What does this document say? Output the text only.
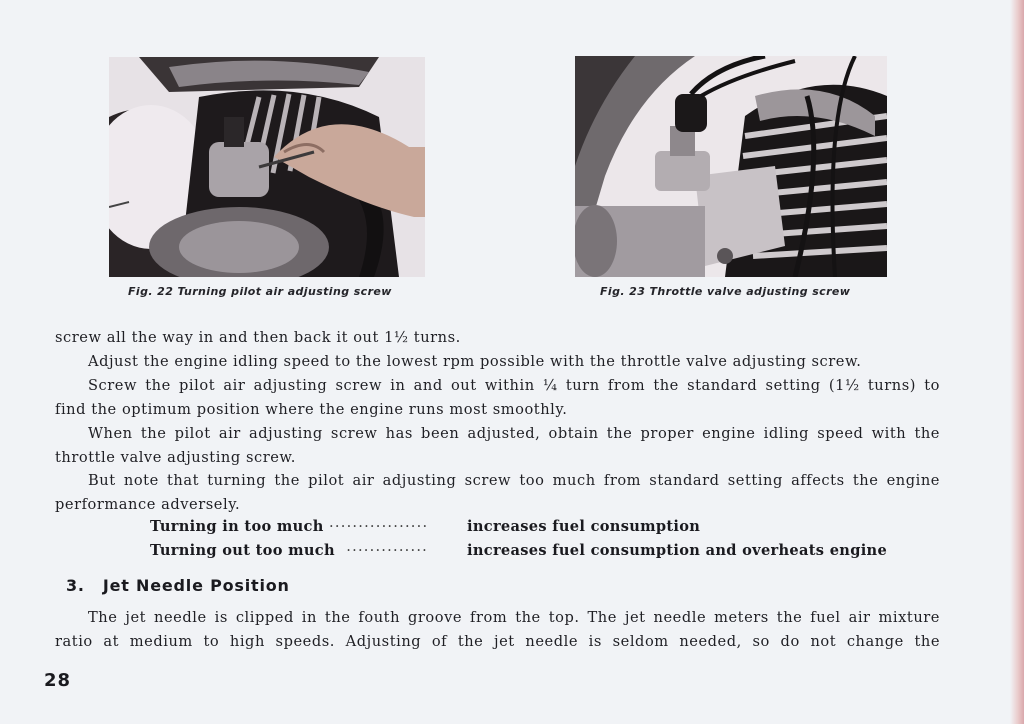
Fig. 22 Turning pilot air adjusting screw	Fig. 23 Throttle valve adjusting screw
screw all the way in and then back it out 1½ turns.
Adjust the engine idling speed to the lowest rpm possible with the throttle valve adjusting screw.
Screw the pilot air adjusting screw in and out within ¼ turn from the standard setting (1½ turns) to
find the optimum position where the engine runs most smoothly.
When the pilot air adjusting screw has been adjusted, obtain the proper engine idling speed with the
throttle valve adjusting screw.
But note that turning the pilot air adjusting screw too much from standard setting affects the engine
performance adversely.
Turning in too much ·················	increases fuel consumption
Turning out too much ··············	increases fuel consumption and overheats engine
3. Jet Needle Position
The jet needle is clipped in the fouth groove from the top. The jet needle meters the fuel air mixture
ratio at medium to high speeds. Adjusting of the jet needle is seldom needed, so do not change the
28
